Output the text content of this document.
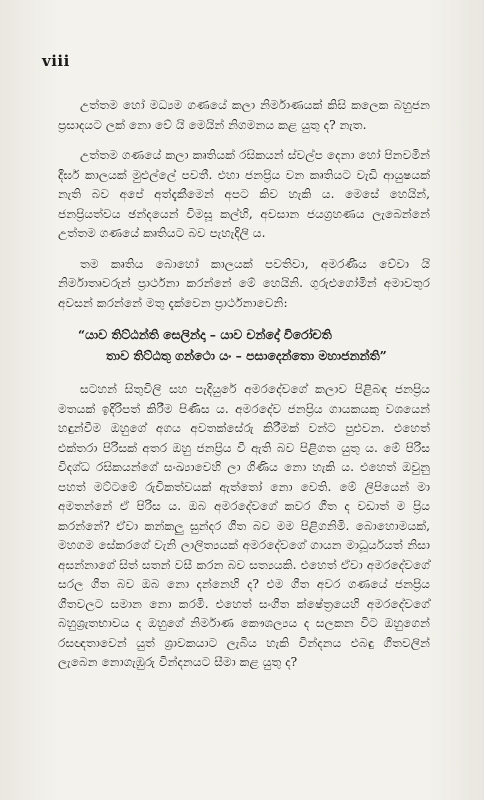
viii

උත්තම හෝ මධ්‍යම ගණයේ කලා නිර්මාණයක් කිසි කලෙක බහුජන ප්‍රසාදයට ලක් නො වේ යි මෙයින් නිගමනය කළ යුතු ද? නැත.

උත්තම ගණයේ කලා කෘතියක් රසිකයන් ස්වල්ප දෙනා හෝ පිනවමින් දීර්ඝ කාලයක් මුළුල්ලේ පවතී. එහා ජනප්‍රිය වන කෘතියට වැඩි ආයුෂයක් නැති බව අපේ අත්දැකීමෙන් අපට කිව හැකි ය. මෙසේ හෙයින්, ජනප්‍රියත්වය ඡන්දයෙන් විමසූ කල්හි, අවසාන ජයග්‍රහණය ලැබෙන්නේ උත්තම ගණයේ කෘතියට බව පැහැදිලි ය.

තම කෘතිය බොහෝ කාලයක් පවතිවා, අමරණීය වේවා යි නිර්මාතෘවරුන් ප්‍රාර්ථනා කරන්නේ මේ හෙයිනි. ගුරුළුගෝමින් අමාවතුර අවසන් කරන්නේ මතු දැක්වෙන ප්‍රාර්ථනාවෙනි:

“යාව තිට්ඨන්ති සෙලින්දා – යාව චන්දෝ විරෝචති
තාව තිට්ඨතු ගන්ථො යං – පසාදෙන්තො මහාජනන්ති”

සටහන් සිතුවිලි සහ පැදියුරේ අමරදේවගේ කලාව පිළිබඳ ජනප්‍රිය මතයක් ඉදිරිපත් කිරීම පිණිස ය. අමරදේව ජනප්‍රිය ගායකයකු වශයෙන් හඳුන්වීම ඔහුගේ අගය අවතක්සේරු කිරීමක් වන්ට පුළුවන. එහෙත් එක්තරා පිරිසක් අතර ඔහු ජනප්‍රිය වී ඇති බව පිළිගත යුතු ය. මේ පිරිස විදග්ධ රසිකයන්ගේ සංඛ්‍යාවෙහි ලා ගිණිය නො හැකි ය. එහෙත් ඔවුනු පහත් මට්ටමේ රුචිකත්වයක් ඇත්තෝ නො වෙති. මේ ලිපියෙන් මා අමතන්නේ ඒ පිරිස ය. ඔබ අමරදේවගේ කවර ගීත ද වඩාත් ම ප්‍රිය කරන්නේ? ඒවා කන්කලු සුන්දර ගීත බව මම පිළිගනිමි. බොහොමයක්, මහගම සේකරගේ වැනි ලාලිත්‍යයක් අමරදේවගේ ගායන මාධූර්යයත් නිසා අසන්නාගේ සිත් සතන් වසී කරන බව සත්‍යයකි. එහෙත් ඒවා අමරදේවගේ සරල ගීත බව ඔබ නො දන්නෙහි ද? එම ගීත අවර ගණයේ ජනප්‍රිය ගීතවලට සමාන නො කරමි. එහෙත් සංගීත ක්ෂේත්‍රයෙහි අමරදේවගේ බහුශ්‍රැතභාවය ද ඔහුගේ නිර්මාණ කෞශල්‍යය ද සලකන විට ඔහුගෙන් රසඥතාවෙන් යුත් ශ්‍රාවකයාට ලැබිය හැකි වින්දනය එබඳු ගීතවලින් ලැබෙන නොගැඹුරු වින්දනයට සීමා කළ යුතු ද?
